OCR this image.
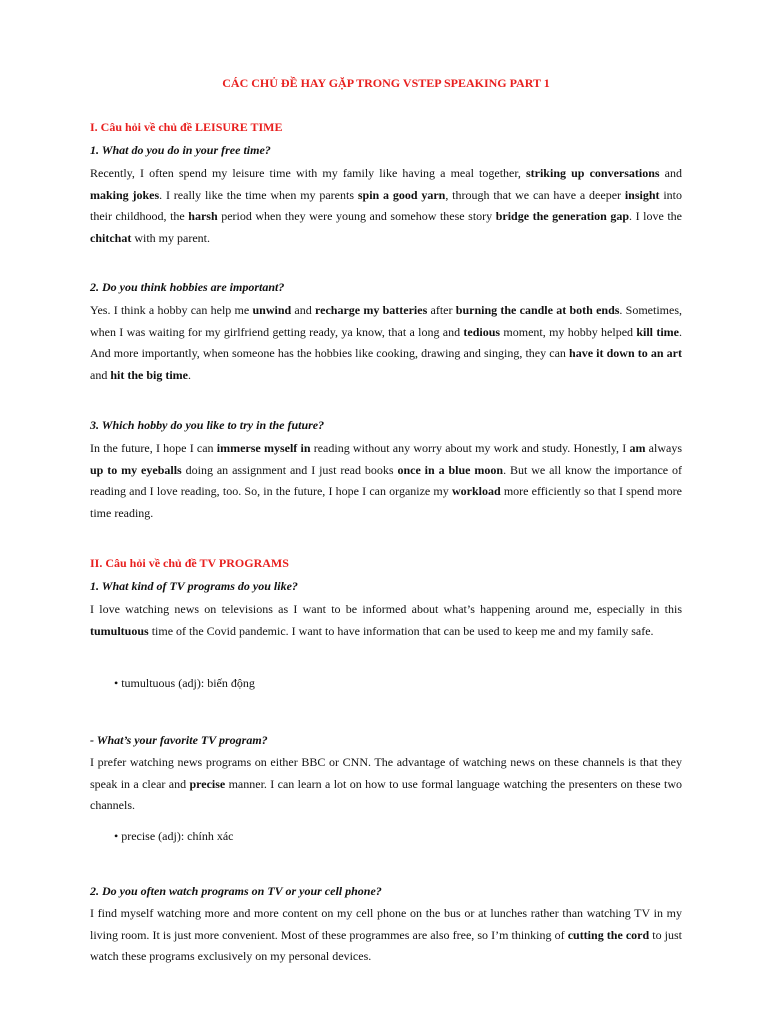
CÁC CHỦ ĐỀ HAY GẶP TRONG VSTEP SPEAKING PART 1
I. Câu hỏi về chủ đề LEISURE TIME
1. What do you do in your free time?
Recently, I often spend my leisure time with my family like having a meal together, striking up conversations and making jokes. I really like the time when my parents spin a good yarn, through that we can have a deeper insight into their childhood, the harsh period when they were young and somehow these story bridge the generation gap. I love the chitchat with my parent.
2. Do you think hobbies are important?
Yes. I think a hobby can help me unwind and recharge my batteries after burning the candle at both ends. Sometimes, when I was waiting for my girlfriend getting ready, ya know, that a long and tedious moment, my hobby helped kill time. And more importantly, when someone has the hobbies like cooking, drawing and singing, they can have it down to an art and hit the big time.
3. Which hobby do you like to try in the future?
In the future, I hope I can immerse myself in reading without any worry about my work and study. Honestly, I am always up to my eyeballs doing an assignment and I just read books once in a blue moon. But we all know the importance of reading and I love reading, too. So, in the future, I hope I can organize my workload more efficiently so that I spend more time reading.
II. Câu hỏi về chủ đề TV PROGRAMS
1. What kind of TV programs do you like?
I love watching news on televisions as I want to be informed about what’s happening around me, especially in this tumultuous time of the Covid pandemic. I want to have information that can be used to keep me and my family safe.
• tumultuous (adj): biến động
- What’s your favorite TV program?
I prefer watching news programs on either BBC or CNN. The advantage of watching news on these channels is that they speak in a clear and precise manner. I can learn a lot on how to use formal language watching the presenters on these two channels.
• precise (adj): chính xác
2. Do you often watch programs on TV or your cell phone?
I find myself watching more and more content on my cell phone on the bus or at lunches rather than watching TV in my living room. It is just more convenient. Most of these programmes are also free, so I’m thinking of cutting the cord to just watch these programs exclusively on my personal devices.
